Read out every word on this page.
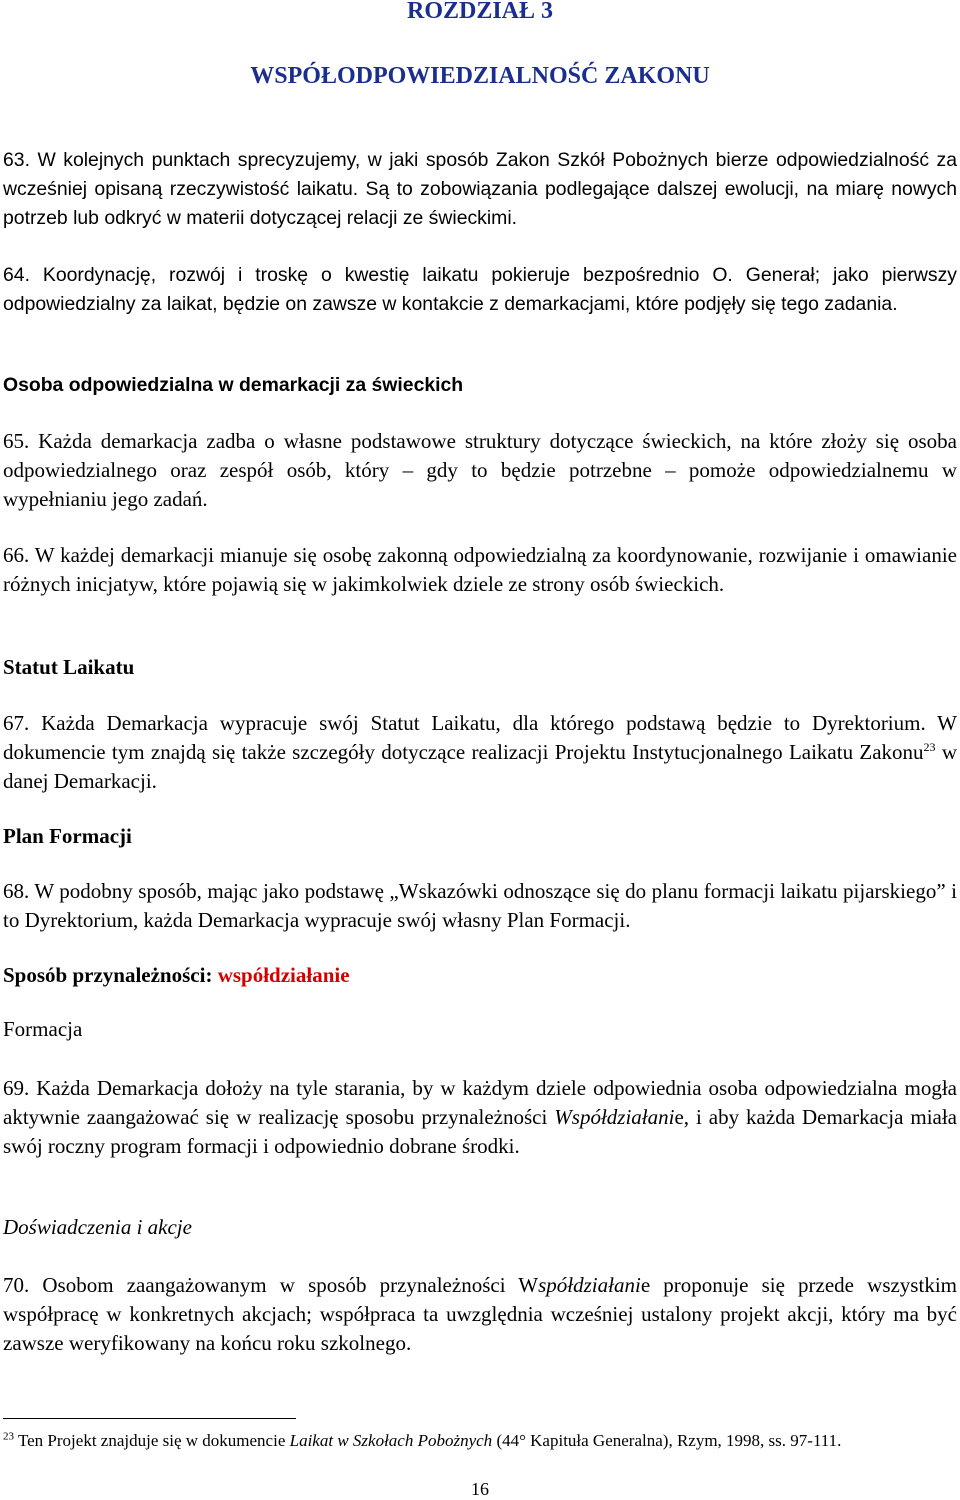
ROZDZIAŁ 3
WSPÓŁODPOWIEDZIALNOŚĆ ZAKONU

63. W kolejnych punktach sprecyzujemy, w jaki sposób Zakon Szkół Pobożnych bierze odpowiedzialność za wcześniej opisaną rzeczywistość laikatu. Są to zobowiązania podlegające dalszej ewolucji, na miarę nowych potrzeb lub odkryć w materii dotyczącej relacji ze świeckimi.

64. Koordynację, rozwój i troskę o kwestię laikatu pokieruje bezpośrednio O. Generał; jako pierwszy odpowiedzialny za laikat, będzie on zawsze w kontakcie z demarkacjami, które podjęły się tego zadania.

Osoba odpowiedzialna w demarkacji za świeckich

65. Każda demarkacja zadba o własne podstawowe struktury dotyczące świeckich, na które złoży się osoba odpowiedzialnego oraz zespół osób, który – gdy to będzie potrzebne – pomoże odpowiedzialnemu w wypełnianiu jego zadań.

66. W każdej demarkacji mianuje się osobę zakonną odpowiedzialną za koordynowanie, rozwijanie i omawianie różnych inicjatyw, które pojawią się w jakimkolwiek dziele ze strony osób świeckich.

Statut Laikatu

67. Każda Demarkacja wypracuje swój Statut Laikatu, dla którego podstawą będzie to Dyrektorium. W dokumencie tym znajdą się także szczegóły dotyczące realizacji Projektu Instytucjonalnego Laikatu Zakonu$^{23}$ w danej Demarkacji.

Plan Formacji

68. W podobny sposób, mając jako podstawę „Wskazówki odnoszące się do planu formacji laikatu pijarskiego” i to Dyrektorium, każda Demarkacja wypracuje swój własny Plan Formacji.

Sposób przynależności: współdziałanie
Formacja

69. Każda Demarkacja dołoży na tyle starania, by w każdym dziele odpowiednia osoba odpowiedzialna mogła aktywnie zaangażować się w realizację sposobu przynależności Współdziałanie, i aby każda Demarkacja miała swój roczny program formacji i odpowiednio dobrane środki.

Doświadczenia i akcje

70. Osobom zaangażowanym w sposób przynależności Współdziałanie proponuje się przede wszystkim współpracę w konkretnych akcjach; współpraca ta uwzględnia wcześniej ustalony projekt akcji, który ma być zawsze weryfikowany na końcu roku szkolnego.

$^{23}$ Ten Projekt znajduje się w dokumencie Laikat w Szkołach Pobożnych (44° Kapituła Generalna), Rzym, 1998, ss. 97-111.

16
